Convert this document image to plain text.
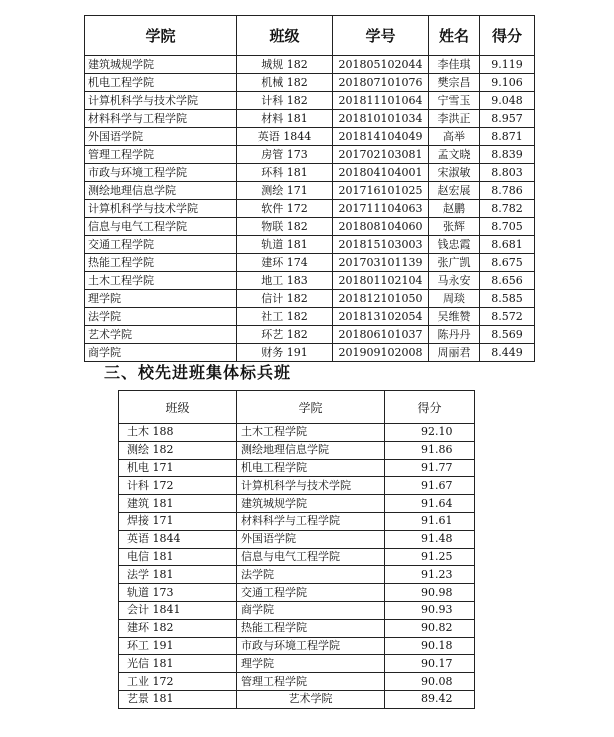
学院	班级	学号	姓名	得分
建筑城规学院	城规 182	201805102044	李佳琪	9.119
机电工程学院	机械 182	201807101076	樊宗昌	9.106
计算机科学与技术学院	计科 182	201811101064	宁雪玉	9.048
材料科学与工程学院	材料 181	201810101034	李洪正	8.957
外国语学院	英语 1844	201814104049	高举	8.871
管理工程学院	房管 173	201702103081	孟文晓	8.839
市政与环境工程学院	环科 181	201804104001	宋淑敏	8.803
测绘地理信息学院	测绘 171	201716101025	赵宏展	8.786
计算机科学与技术学院	软件 172	201711104063	赵鹏	8.782
信息与电气工程学院	物联 182	201808104060	张辉	8.705
交通工程学院	轨道 181	201815103003	钱忠霞	8.681
热能工程学院	建环 174	201703101139	张广凯	8.675
土木工程学院	地工 183	201801102104	马永安	8.656
理学院	信计 182	201812101050	周琰	8.585
法学院	社工 182	201813102054	吴维赞	8.572
艺术学院	环艺 182	201806101037	陈丹丹	8.569
商学院	财务 191	201909102008	周丽君	8.449
三、校先进班集体标兵班
班级	学院	得分
土木 188	土木工程学院	92.10
测绘 182	测绘地理信息学院	91.86
机电 171	机电工程学院	91.77
计科 172	计算机科学与技术学院	91.67
建筑 181	建筑城规学院	91.64
焊接 171	材料科学与工程学院	91.61
英语 1844	外国语学院	91.48
电信 181	信息与电气工程学院	91.25
法学 181	法学院	91.23
轨道 173	交通工程学院	90.98
会计 1841	商学院	90.93
建环 182	热能工程学院	90.82
环工 191	市政与环境工程学院	90.18
光信 181	理学院	90.17
工业 172	管理工程学院	90.08
艺景 181	艺术学院	89.42
